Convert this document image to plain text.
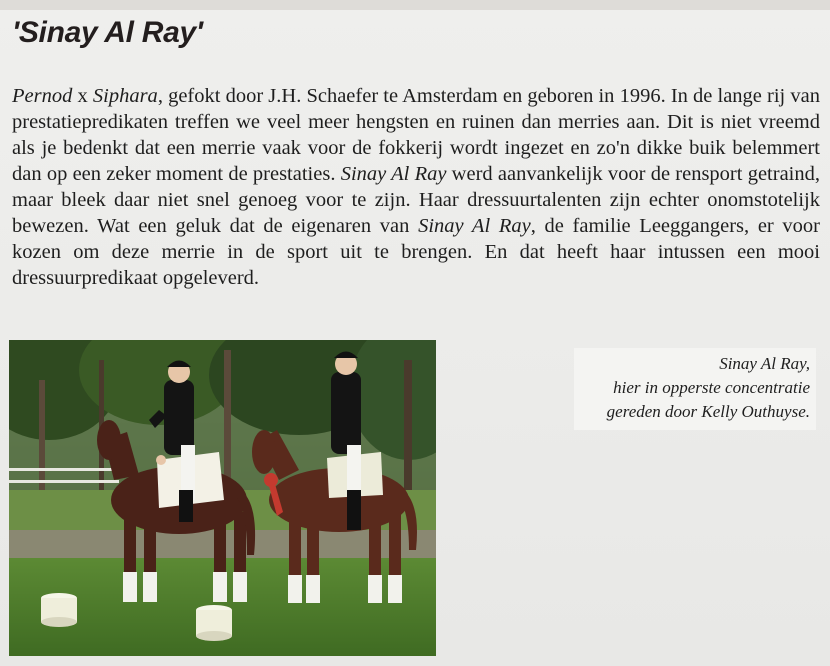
'Sinay Al Ray'

Pernod x Siphara, gefokt door J.H. Schaefer te Amsterdam en geboren in 1996. In de lange rij van prestatiepredikaten treffen we veel meer hengsten en ruinen dan merries aan. Dit is niet vreemd als je bedenkt dat een merrie vaak voor de fokkerij wordt ingezet en zo'n dikke buik belemmert dan op een zeker moment de prestaties. Sinay Al Ray werd aanvankelijk voor de rensport getraind, maar bleek daar niet snel genoeg voor te zijn. Haar dressuurtalenten zijn echter onomstotelijk bewezen. Wat een geluk dat de eigenaren van Sinay Al Ray, de familie Leeggangers, er voor kozen om deze merrie in de sport uit te brengen. En dat heeft haar intussen een mooi dressuurpredikaat opgeleverd.

Sinay Al Ray,
hier in opperste concentratie
gereden door Kelly Outhuyse.
